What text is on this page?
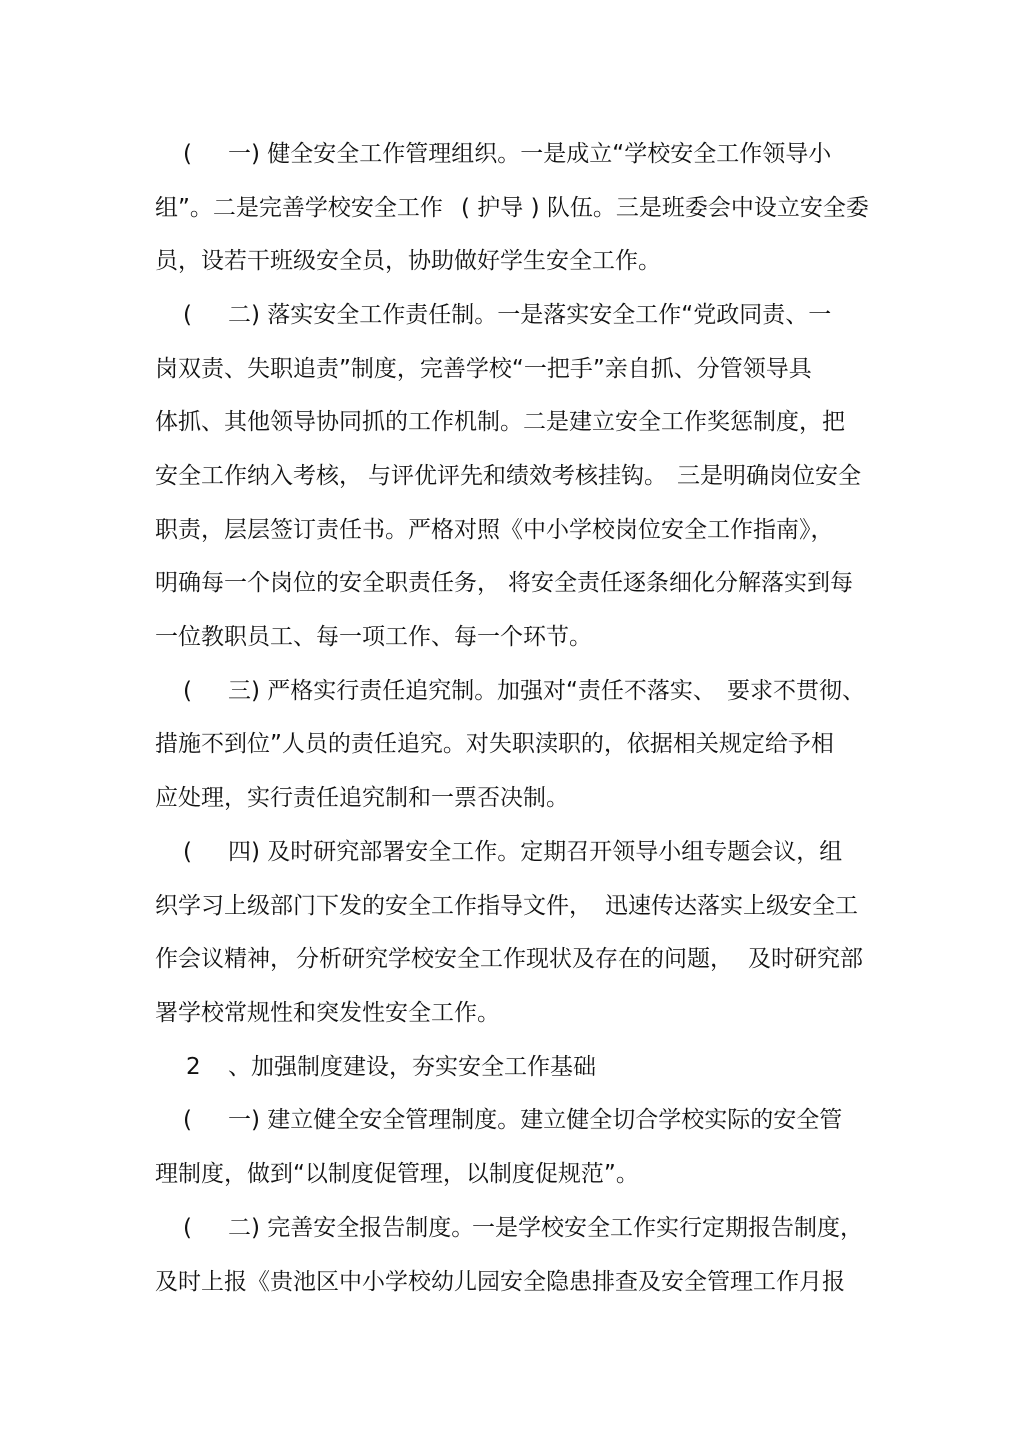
( 一) 健全安全工作管理组织。一是成立“学校安全工作领导小
组”。二是完善学校安全工作 ( 护导 ) 队伍。三是班委会中设立安全委
员，设若干班级安全员，协助做好学生安全工作。
( 二) 落实安全工作责任制。一是落实安全工作“党政同责、一
岗双责、失职追责”制度，完善学校“一把手”亲自抓、分管领导具
体抓、其他领导协同抓的工作机制。二是建立安全工作奖惩制度，把
安全工作纳入考核， 与评优评先和绩效考核挂钩。 三是明确岗位安全
职责，层层签订责任书。严格对照《中小学校岗位安全工作指南》，
明确每一个岗位的安全职责任务， 将安全责任逐条细化分解落实到每
一位教职员工、每一项工作、每一个环节。
( 三) 严格实行责任追究制。 加强对“责任不落实、 要求不贯彻、
措施不到位”人员的责任追究。对失职渎职的，依据相关规定给予相
应处理，实行责任追究制和一票否决制。
( 四) 及时研究部署安全工作。定期召开领导小组专题会议，组
织学习上级部门下发的安全工作指导文件， 迅速传达落实上级安全工
作会议精神， 分析研究学校安全工作现状及存在的问题， 及时研究部
署学校常规性和突发性安全工作。
2 、加强制度建设，夯实安全工作基础
( 一) 建立健全安全管理制度。建立健全切合学校实际的安全管
理制度，做到“以制度促管理，以制度促规范”。
( 二) 完善安全报告制度。
一是学校安全工作实行定期报告制度，
及时上报《贵池区中小学校幼儿园安全隐患排查及安全管理工作月报
